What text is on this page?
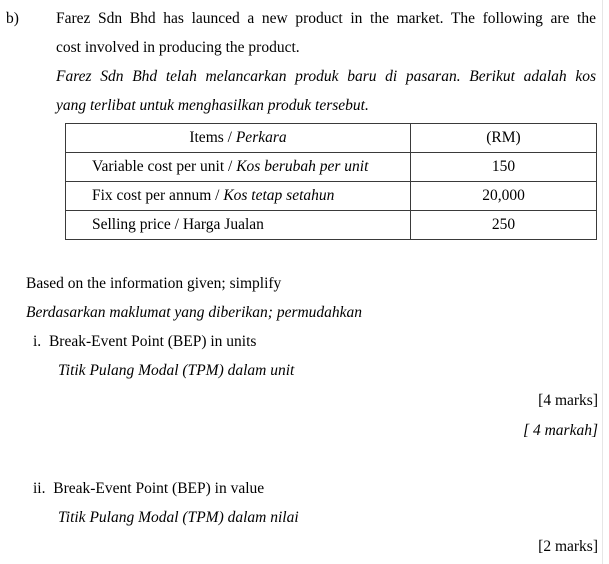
b) Farez Sdn Bhd has launced a new product in the market. The following are the
cost involved in producing the product.
Farez Sdn Bhd telah melancarkan produk baru di pasaran. Berikut adalah kos
yang terlibat untuk menghasilkan produk tersebut.
Items / Perkara	(RM)
Variable cost per unit / Kos berubah per unit	150
Fix cost per annum / Kos tetap setahun	20,000
Selling price / Harga Jualan	250
Based on the information given; simplify
Berdasarkan maklumat yang diberikan; permudahkan
i. Break-Event Point (BEP) in units
Titik Pulang Modal (TPM) dalam unit
[4 marks]
[ 4 markah]
ii. Break-Event Point (BEP) in value
Titik Pulang Modal (TPM) dalam nilai
[2 marks]
